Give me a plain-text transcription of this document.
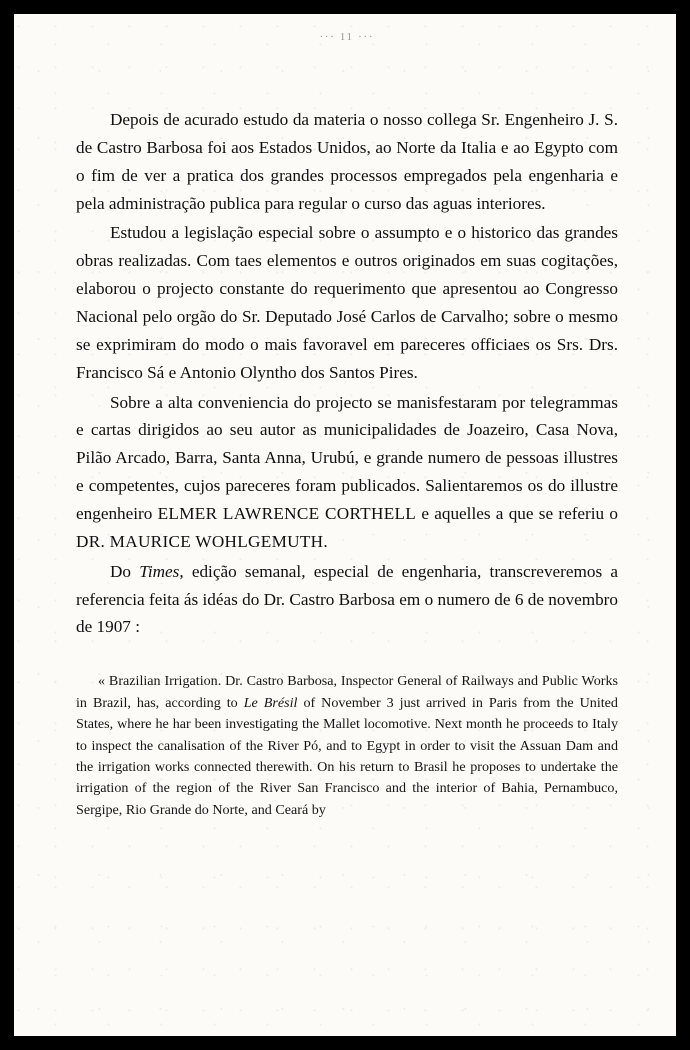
··· 11 ···

Depois de acurado estudo da materia o nosso collega Sr. Engenheiro J. S. de Castro Barbosa foi aos Estados Unidos, ao Norte da Italia e ao Egypto com o fim de ver a pratica dos grandes processos empregados pela engenharia e pela administração publica para regular o curso das aguas interiores.

Estudou a legislação especial sobre o assumpto e o historico das grandes obras realizadas. Com taes elementos e outros originados em suas cogitações, elaborou o projecto constante do requerimento que apresentou ao Congresso Nacional pelo orgão do Sr. Deputado José Carlos de Carvalho; sobre o mesmo se exprimiram do modo o mais favoravel em pareceres officiaes os Srs. Drs. Francisco Sá e Antonio Olyntho dos Santos Pires.

Sobre a alta conveniencia do projecto se manisfestaram por telegrammas e cartas dirigidos ao seu autor as municipalidades de Joazeiro, Casa Nova, Pilão Arcado, Barra, Santa Anna, Urubú, e grande numero de pessoas illustres e competentes, cujos pareceres foram publicados. Salientaremos os do illustre engenheiro ELMER LAWRENCE CORTHELL e aquelles a que se referiu o DR. MAURICE WOHLGEMUTH.

Do Times, edição semanal, especial de engenharia, transcreveremos a referencia feita ás idéas do Dr. Castro Barbosa em o numero de 6 de novembro de 1907 :

« Brazilian Irrigation. Dr. Castro Barbosa, Inspector General of Railways and Public Works in Brazil, has, according to Le Brésil of November 3 just arrived in Paris from the United States, where he har been investigating the Mallet locomotive. Next month he proceeds to Italy to inspect the canalisation of the River Pó, and to Egypt in order to visit the Assuan Dam and the irrigation works connected therewith. On his return to Brasil he proposes to undertake the irrigation of the region of the River San Francisco and the interior of Bahia, Pernambuco, Sergipe, Rio Grande do Norte, and Ceará by
